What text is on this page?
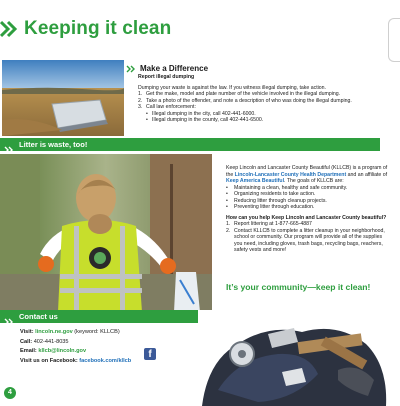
Keeping it clean
Make a Difference
Report illegal dumping
Dumping your waste is against the law. If you witness illegal dumping, take action.
1. Get the make, model and plate number of the vehicle involved in the illegal dumping.
2. Take a photo of the offender, and note a description of who was doing the illegal dumping.
3. Call law enforcement:
• Illegal dumping in the city, call 402-441-6000.
• Illegal dumping in the county, call 402-441-6500.
Litter is waste, too!

Keep Lincoln and Lancaster County Beautiful (KLLCB) is a program of the Lincoln-Lancaster County Health Department and an affiliate of Keep America Beautiful. The goals of KLLCB are:

•	Maintaining a clean, healthy and safe community.
•	Organizing residents to take action.
•	Reducing litter through cleanup projects.
•	Preventing litter through education.
How can you help Keep Lincoln and Lancaster County beautiful?
1. Report littering at 1-877-665-4887
2. Contact KLLCB to complete a litter cleanup in your neighborhood, school or community. Our program will provide all of the supplies you need, including gloves, trash bags, recycling bags, reachers, safety vests and more!
It’s your community—keep it clean!
Contact us
Visit: lincoln.ne.gov (keyword: KLLCB)
Call: 402-441-8035
Email: kllcb@lincoln.gov
Visit us on Facebook: facebook.com/kllcb
f
4
